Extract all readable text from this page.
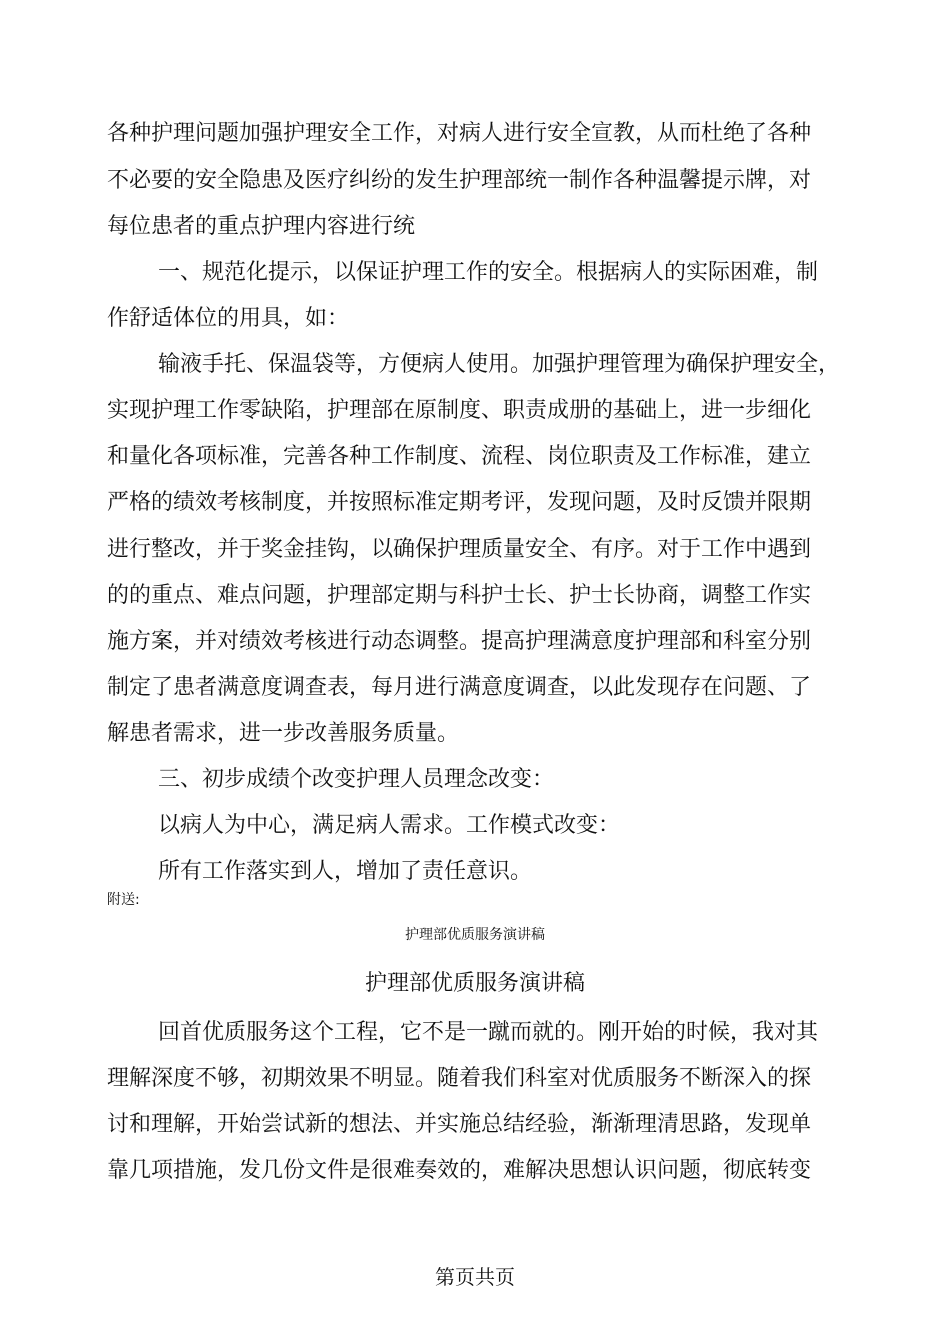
各种护理问题加强护理安全工作，对病人进行安全宣教，从而杜绝了各种
不必要的安全隐患及医疗纠纷的发生护理部统一制作各种温馨提示牌，对
每位患者的重点护理内容进行统
一、规范化提示，以保证护理工作的安全。根据病人的实际困难，制
作舒适体位的用具，如：
输液手托、保温袋等，方便病人使用。加强护理管理为确保护理安全，
实现护理工作零缺陷，护理部在原制度、职责成册的基础上，进一步细化
和量化各项标准，完善各种工作制度、流程、岗位职责及工作标准，建立
严格的绩效考核制度，并按照标准定期考评，发现问题，及时反馈并限期
进行整改，并于奖金挂钩，以确保护理质量安全、有序。对于工作中遇到
的的重点、难点问题，护理部定期与科护士长、护士长协商，调整工作实
施方案，并对绩效考核进行动态调整。提高护理满意度护理部和科室分别
制定了患者满意度调查表，每月进行满意度调查，以此发现存在问题、了
解患者需求，进一步改善服务质量。
三、初步成绩个改变护理人员理念改变：
以病人为中心，满足病人需求。工作模式改变：
所有工作落实到人，增加了责任意识。
附送:
护理部优质服务演讲稿
护理部优质服务演讲稿
回首优质服务这个工程，它不是一蹴而就的。刚开始的时候，我对其
理解深度不够，初期效果不明显。随着我们科室对优质服务不断深入的探
讨和理解，开始尝试新的想法、并实施总结经验，渐渐理清思路，发现单
靠几项措施，发几份文件是很难奏效的，难解决思想认识问题，彻底转变
第页共页
